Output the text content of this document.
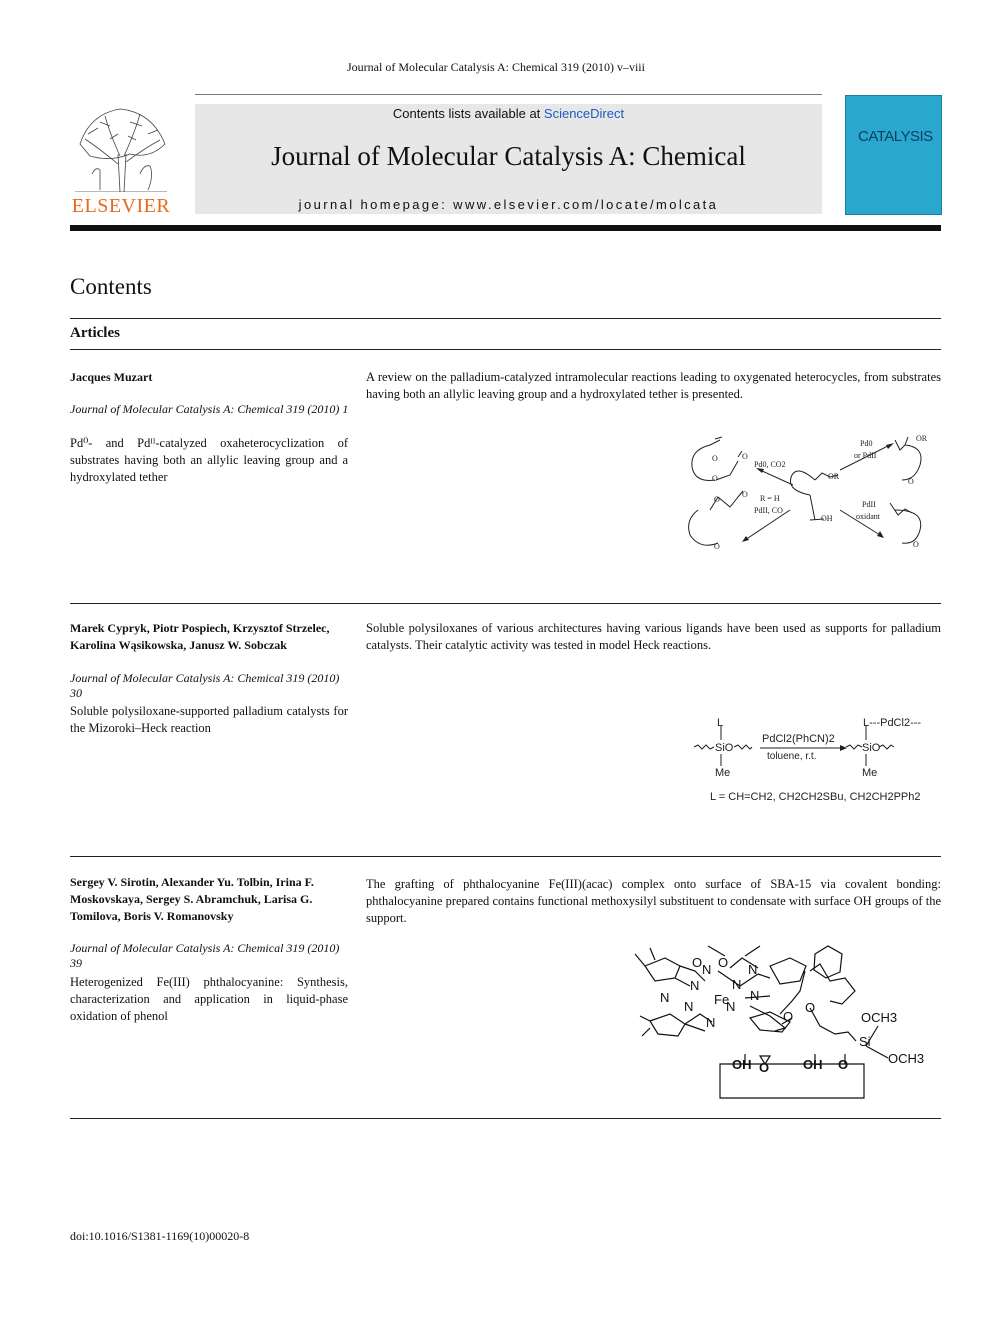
Journal of Molecular Catalysis A: Chemical 319 (2010) v–viii
ELSEVIER
Contents lists available at ScienceDirect
Journal of Molecular Catalysis A: Chemical
journal homepage: www.elsevier.com/locate/molcata
CATALYSIS
Contents
Articles
Jacques Muzart
Journal of Molecular Catalysis A: Chemical 319 (2010) 1
Pd⁰- and Pdᴵᴵ-catalyzed oxaheterocyclization of substrates having both an allylic leaving group and a hydroxylated tether
A review on the palladium-catalyzed intramolecular reactions leading to oxygenated heterocycles, from substrates having both an allylic leaving group and a hydroxylated tether is presented.
OR
Pd0
or PdII
Pd0, CO2
OR
OH
R = H
PdII, CO
PdII
oxidant
O	O
O
O
O
O
O
O
Marek Cypryk, Piotr Pospiech, Krzysztof Strzelec, Karolina Wąsikowska, Janusz W. Sobczak
Journal of Molecular Catalysis A: Chemical 319 (2010) 30
Soluble polysiloxane-supported palladium catalysts for the Mizoroki–Heck reaction
Soluble polysiloxanes of various architectures having various ligands have been used as supports for palladium catalysts. Their catalytic activity was tested in model Heck reactions.
L
SiO
Me
PdCl2(PhCN)2
toluene, r.t.
L---PdCl2---
SiO
Me
L = CH=CH2, CH2CH2SBu, CH2CH2PPh2
Sergey V. Sirotin, Alexander Yu. Tolbin, Irina F. Moskovskaya, Sergey S. Abramchuk, Larisa G. Tomilova, Boris V. Romanovsky
Journal of Molecular Catalysis A: Chemical 319 (2010) 39
Heterogenized Fe(III) phthalocyanine: Synthesis, characterization and application in liquid-phase oxidation of phenol
The grafting of phthalocyanine Fe(III)(acac) complex onto surface of SBA-15 via covalent bonding: phthalocyanine prepared contains functional methoxysilyl substituent to condensate with surface OH groups of the support.
Fe
N	N
N	N
N	N
N	N
N
O O
O
O
Si
OCH3
OCH3
OH O	OH O
doi:10.1016/S1381-1169(10)00020-8
